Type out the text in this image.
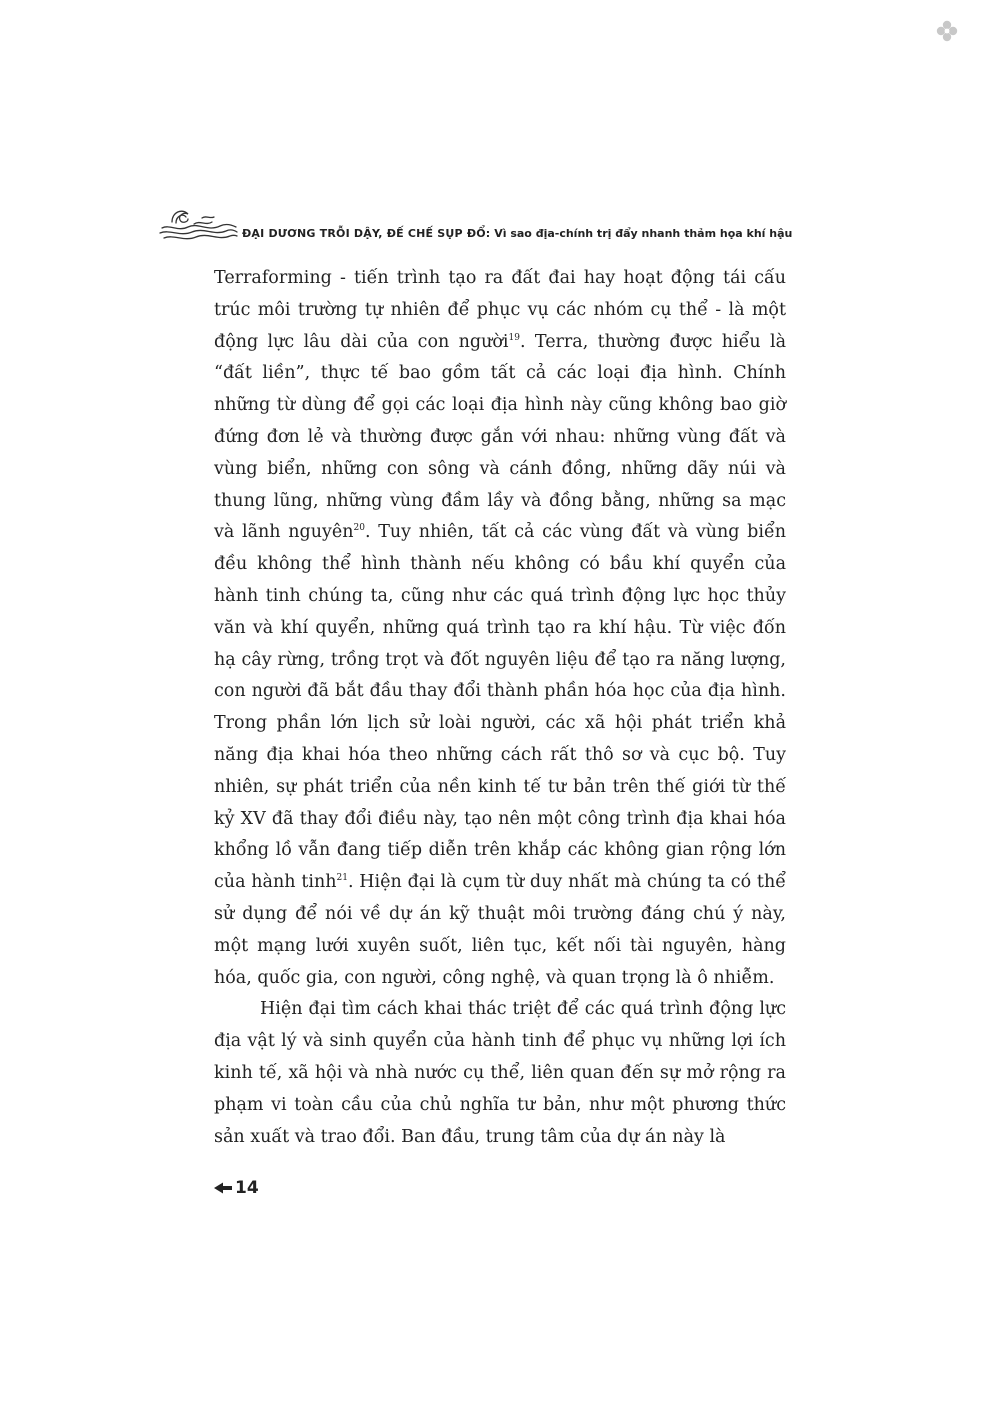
ĐẠI DƯƠNG TRỖI DẬY, ĐẾ CHẾ SỤP ĐỔ: Vì sao địa-chính trị đẩy nhanh thảm họa khí hậu

Terraforming - tiến trình tạo ra đất đai hay hoạt động tái cấu trúc môi trường tự nhiên để phục vụ các nhóm cụ thể - là một động lực lâu dài của con người$^{19}$. Terra, thường được hiểu là “đất liền”, thực tế bao gồm tất cả các loại địa hình. Chính những từ dùng để gọi các loại địa hình này cũng không bao giờ đứng đơn lẻ và thường được gắn với nhau: những vùng đất và vùng biển, những con sông và cánh đồng, những dãy núi và thung lũng, những vùng đầm lầy và đồng bằng, những sa mạc và lãnh nguyên$^{20}$. Tuy nhiên, tất cả các vùng đất và vùng biển đều không thể hình thành nếu không có bầu khí quyển của hành tinh chúng ta, cũng như các quá trình động lực học thủy văn và khí quyển, những quá trình tạo ra khí hậu. Từ việc đốn hạ cây rừng, trồng trọt và đốt nguyên liệu để tạo ra năng lượng, con người đã bắt đầu thay đổi thành phần hóa học của địa hình. Trong phần lớn lịch sử loài người, các xã hội phát triển khả năng địa khai hóa theo những cách rất thô sơ và cục bộ. Tuy nhiên, sự phát triển của nền kinh tế tư bản trên thế giới từ thế kỷ XV đã thay đổi điều này, tạo nên một công trình địa khai hóa khổng lồ vẫn đang tiếp diễn trên khắp các không gian rộng lớn của hành tinh$^{21}$. Hiện đại là cụm từ duy nhất mà chúng ta có thể sử dụng để nói về dự án kỹ thuật môi trường đáng chú ý này, một mạng lưới xuyên suốt, liên tục, kết nối tài nguyên, hàng hóa, quốc gia, con người, công nghệ, và quan trọng là ô nhiễm.

Hiện đại tìm cách khai thác triệt để các quá trình động lực địa vật lý và sinh quyển của hành tinh để phục vụ những lợi ích kinh tế, xã hội và nhà nước cụ thể, liên quan đến sự mở rộng ra phạm vi toàn cầu của chủ nghĩa tư bản, như một phương thức sản xuất và trao đổi. Ban đầu, trung tâm của dự án này là

14
